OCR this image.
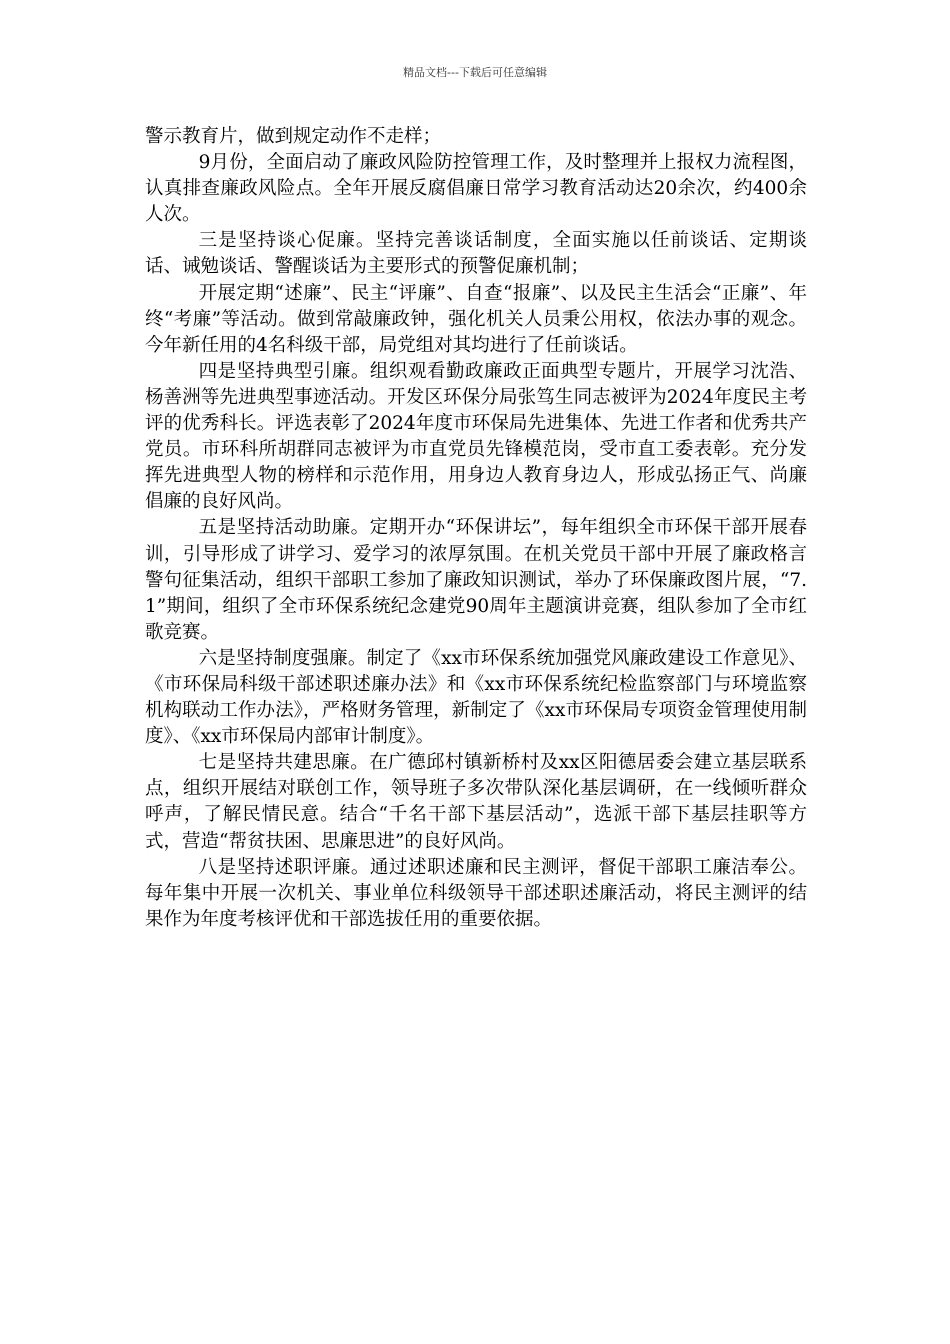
精品文档---下载后可任意编辑

警示教育片，做到规定动作不走样；

9月份，全面启动了廉政风险防控管理工作，及时整理并上报权力流程图，认真排查廉政风险点。全年开展反腐倡廉日常学习教育活动达20余次，约400余人次。

三是坚持谈心促廉。坚持完善谈话制度，全面实施以任前谈话、定期谈话、诫勉谈话、警醒谈话为主要形式的预警促廉机制；

开展定期“述廉”、民主“评廉”、自查“报廉”、以及民主生活会“正廉”、年终“考廉”等活动。做到常敲廉政钟，强化机关人员秉公用权，依法办事的观念。今年新任用的4名科级干部，局党组对其均进行了任前谈话。

四是坚持典型引廉。组织观看勤政廉政正面典型专题片，开展学习沈浩、杨善洲等先进典型事迹活动。开发区环保分局张笃生同志被评为2024年度民主考评的优秀科长。评选表彰了2024年度市环保局先进集体、先进工作者和优秀共产党员。市环科所胡群同志被评为市直党员先锋模范岗，受市直工委表彰。充分发挥先进典型人物的榜样和示范作用，用身边人教育身边人，形成弘扬正气、尚廉倡廉的良好风尚。

五是坚持活动助廉。定期开办“环保讲坛”，每年组织全市环保干部开展春训，引导形成了讲学习、爱学习的浓厚氛围。在机关党员干部中开展了廉政格言警句征集活动，组织干部职工参加了廉政知识测试，举办了环保廉政图片展，“7.1”期间，组织了全市环保系统纪念建党90周年主题演讲竞赛，组队参加了全市红歌竞赛。

六是坚持制度强廉。制定了《xx市环保系统加强党风廉政建设工作意见》、《市环保局科级干部述职述廉办法》和《xx市环保系统纪检监察部门与环境监察机构联动工作办法》，严格财务管理，新制定了《xx市环保局专项资金管理使用制度》、《xx市环保局内部审计制度》。

七是坚持共建思廉。在广德邱村镇新桥村及xx区阳德居委会建立基层联系点，组织开展结对联创工作，领导班子多次带队深化基层调研，在一线倾听群众呼声，了解民情民意。结合“千名干部下基层活动”，选派干部下基层挂职等方式，营造“帮贫扶困、思廉思进”的良好风尚。

八是坚持述职评廉。通过述职述廉和民主测评，督促干部职工廉洁奉公。每年集中开展一次机关、事业单位科级领导干部述职述廉活动，将民主测评的结果作为年度考核评优和干部选拔任用的重要依据。
